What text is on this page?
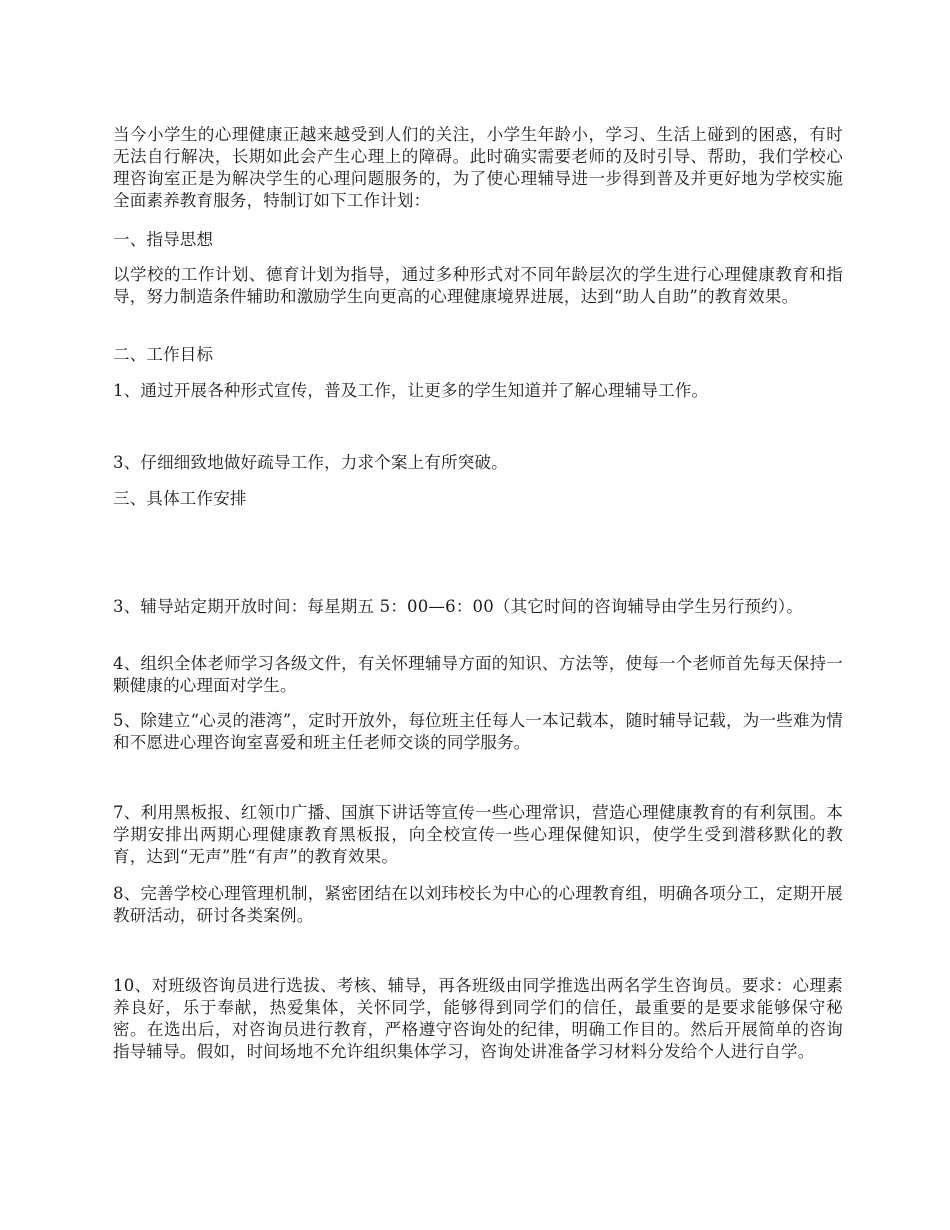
当今小学生的心理健康正越来越受到人们的关注，小学生年龄小，学习、生活上碰到的困惑，有时无法自行解决，长期如此会产生心理上的障碍。此时确实需要老师的及时引导、帮助，我们学校心理咨询室正是为解决学生的心理问题服务的，为了使心理辅导进一步得到普及并更好地为学校实施全面素养教育服务，特制订如下工作计划：

一、指导思想

以学校的工作计划、德育计划为指导，通过多种形式对不同年龄层次的学生进行心理健康教育和指导，努力制造条件辅助和激励学生向更高的心理健康境界进展，达到“助人自助”的教育效果。

二、工作目标

1、通过开展各种形式宣传，普及工作，让更多的学生知道并了解心理辅导工作。

3、仔细细致地做好疏导工作，力求个案上有所突破。

三、具体工作安排

3、辅导站定期开放时间：每星期五 5：00—6：00（其它时间的咨询辅导由学生另行预约）。

4、组织全体老师学习各级文件，有关怀理辅导方面的知识、方法等，使每一个老师首先每天保持一颗健康的心理面对学生。

5、除建立“心灵的港湾”，定时开放外，每位班主任每人一本记载本，随时辅导记载，为一些难为情和不愿进心理咨询室喜爱和班主任老师交谈的同学服务。

7、利用黑板报、红领巾广播、国旗下讲话等宣传一些心理常识，营造心理健康教育的有利氛围。本学期安排出两期心理健康教育黑板报，向全校宣传一些心理保健知识，使学生受到潜移默化的教育，达到“无声”胜“有声”的教育效果。

8、完善学校心理管理机制，紧密团结在以刘玮校长为中心的心理教育组，明确各项分工，定期开展教研活动，研讨各类案例。

10、对班级咨询员进行选拔、考核、辅导，再各班级由同学推选出两名学生咨询员。要求：心理素养良好，乐于奉献，热爱集体，关怀同学，能够得到同学们的信任，最重要的是要求能够保守秘密。在选出后，对咨询员进行教育，严格遵守咨询处的纪律，明确工作目的。然后开展简单的咨询指导辅导。假如，时间场地不允许组织集体学习，咨询处讲准备学习材料分发给个人进行自学。
